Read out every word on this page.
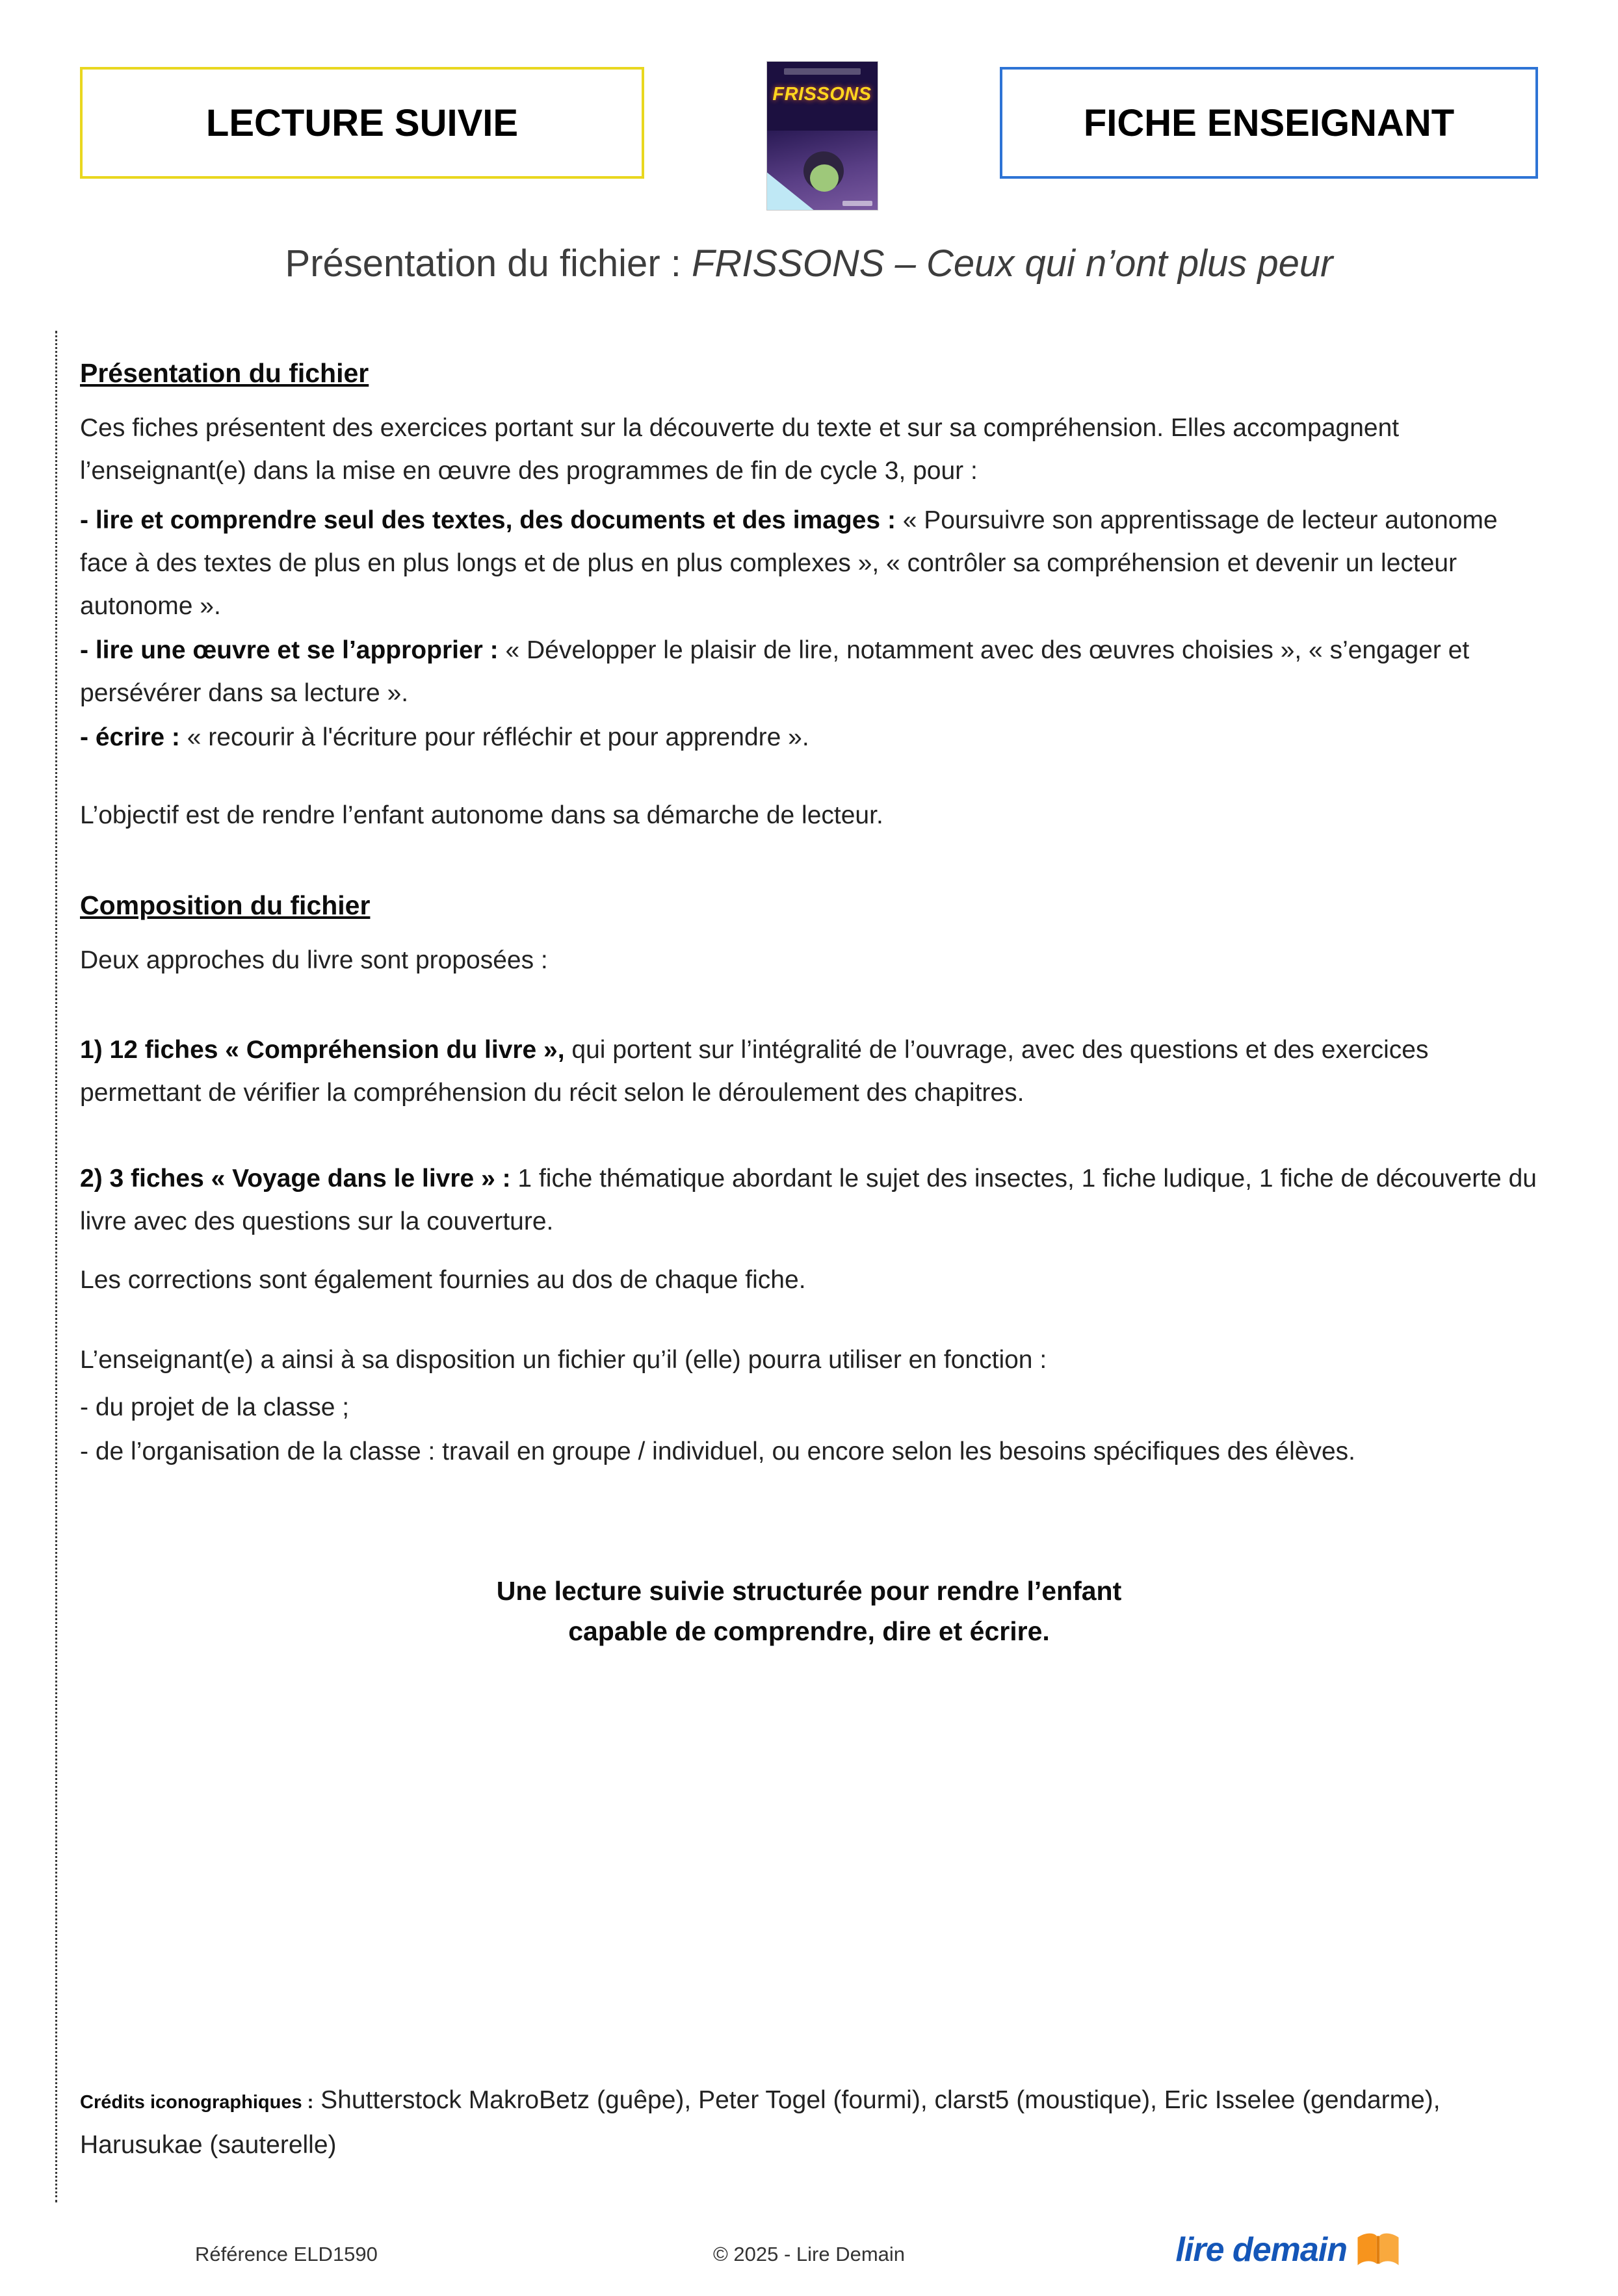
LECTURE SUIVIE
FRISSONS
FICHE ENSEIGNANT
Présentation du fichier : FRISSONS – Ceux qui n’ont plus peur
Présentation du fichier

Ces fiches présentent des exercices portant sur la découverte du texte et sur sa compréhension. Elles accompagnent l’enseignant(e) dans la mise en œuvre des programmes de fin de cycle 3, pour :

- lire et comprendre seul des textes, des documents et des images : « Poursuivre son apprentissage de lecteur autonome face à des textes de plus en plus longs et de plus en plus complexes », « contrôler sa compréhension et devenir un lecteur autonome ».

- lire une œuvre et se l’approprier : « Développer le plaisir de lire, notamment avec des œuvres choisies », « s’engager et persévérer dans sa lecture ».

- écrire : « recourir à l'écriture pour réfléchir et pour apprendre ».

L’objectif est de rendre l’enfant autonome dans sa démarche de lecteur.

Composition du fichier

Deux approches du livre sont proposées :

1) 12 fiches « Compréhension du livre », qui portent sur l’intégralité de l’ouvrage, avec des questions et des exercices permettant de vérifier la compréhension du récit selon le déroulement des chapitres.

2) 3 fiches « Voyage dans le livre » : 1 fiche thématique abordant le sujet des insectes, 1 fiche ludique, 1 fiche de découverte du livre avec des questions sur la couverture.

Les corrections sont également fournies au dos de chaque fiche.

L’enseignant(e) a ainsi à sa disposition un fichier qu’il (elle) pourra utiliser en fonction :

- du projet de la classe ;

- de l’organisation de la classe : travail en groupe / individuel, ou encore selon les besoins spécifiques des élèves.

Une lecture suivie structurée pour rendre l’enfant
capable de comprendre, dire et écrire.

Crédits iconographiques : Shutterstock MakroBetz (guêpe), Peter Togel (fourmi), clarst5 (moustique), Eric Isselee (gendarme), Harusukae (sauterelle)

Référence ELD1590	© 2025 - Lire Demain	lire demain
